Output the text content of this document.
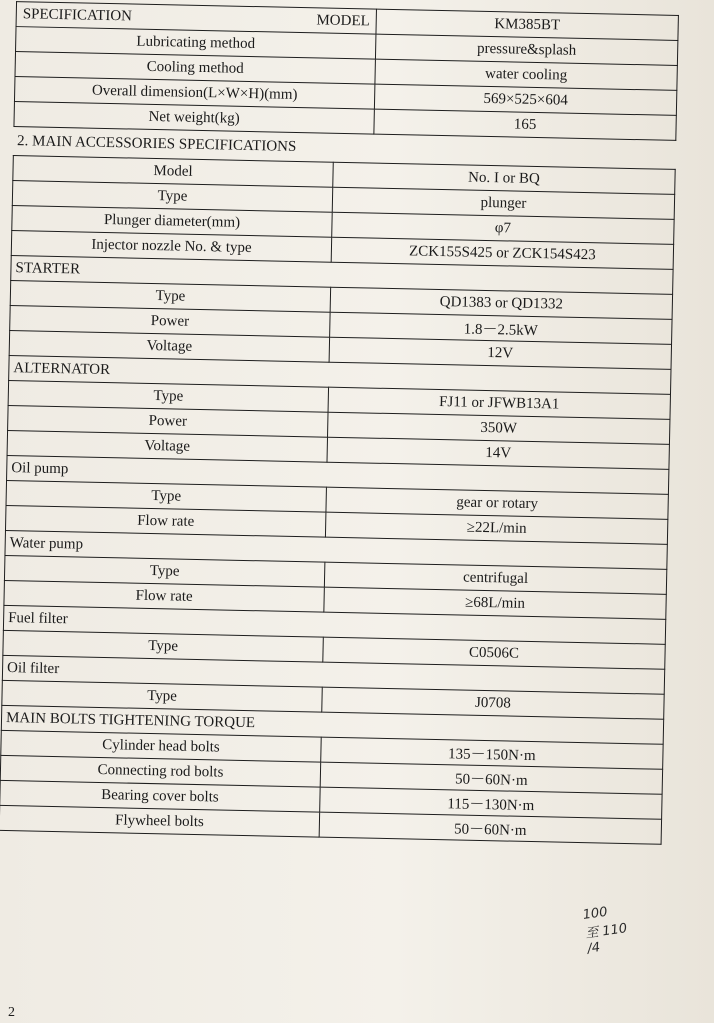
SPECIFICATION MODEL	KM385BT
Lubricating method	pressure&splash
Cooling method	water cooling
Overall dimension(L×W×H)(mm)	569×525×604
Net weight(kg)	165
2. MAIN ACCESSORIES SPECIFICATIONS
Model	No. I or BQ
Type	plunger
Plunger diameter(mm)	φ7
Injector nozzle No. & type	ZCK155S425 or ZCK154S423
STARTER	
Type	QD1383 or QD1332
Power	1.8－2.5kW
Voltage	12V
ALTERNATOR	
Type	FJ11 or JFWB13A1
Power	350W
Voltage	14V
Oil pump	
Type	gear or rotary
Flow rate	≥22L/min
Water pump	
Type	centrifugal
Flow rate	≥68L/min
Fuel filter	
Type	C0506C
Oil filter	
Type	J0708
MAIN BOLTS TIGHTENING TORQUE	
Cylinder head bolts	135－150N·m
Connecting rod bolts	50－60N·m
Bearing cover bolts	115－130N·m
Flywheel bolts	50－60N·m
100
至 110
/4
2
